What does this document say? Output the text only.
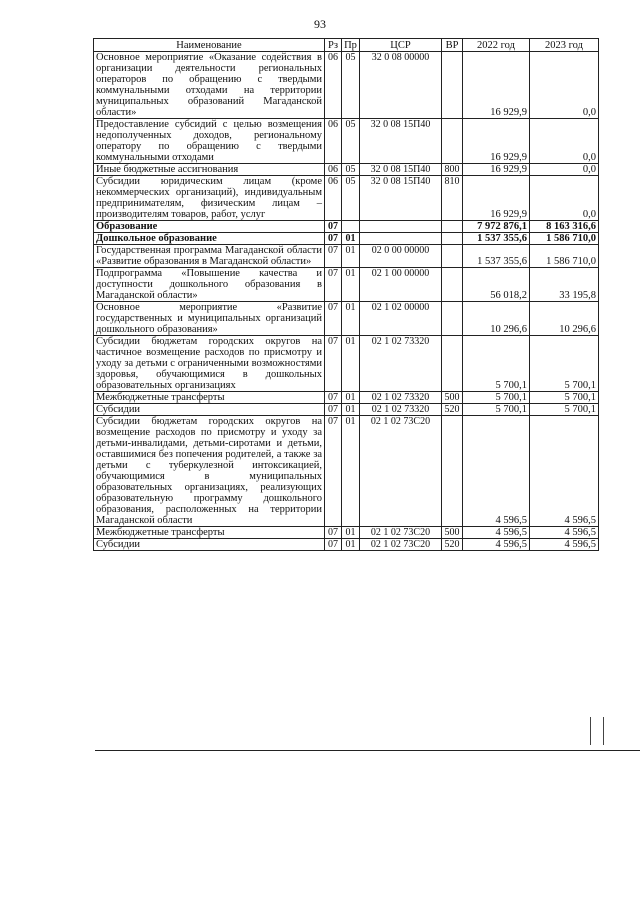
93
Наименование	Рз	Пр	ЦСР	ВР	2022 год	2023 год
Основное мероприятие «Оказание содействия в организации деятельности региональных операторов по обращению с твердыми коммунальными отходами на территории муниципальных образований Магаданской области»	06	05	32 0 08 00000		16 929,9	0,0
Предоставление субсидий с целью возмещения недополученных доходов, региональному оператору по обращению с твердыми коммунальными отходами	06	05	32 0 08 15П40		16 929,9	0,0
Иные бюджетные ассигнования	06	05	32 0 08 15П40	800	16 929,9	0,0
Субсидии юридическим лицам (кроме некоммерческих организаций), индивидуальным предпринимателям, физическим лицам – производителям товаров, работ, услуг	06	05	32 0 08 15П40	810	16 929,9	0,0
Образование	07				7 972 876,1	8 163 316,6
Дошкольное образование	07	01			1 537 355,6	1 586 710,0
Государственная программа Магаданской области «Развитие образования в Магаданской области»	07	01	02 0 00 00000		1 537 355,6	1 586 710,0
Подпрограмма «Повышение качества и доступности дошкольного образования в Магаданской области»	07	01	02 1 00 00000		56 018,2	33 195,8
Основное мероприятие «Развитие государственных и муниципальных организаций дошкольного образования»	07	01	02 1 02 00000		10 296,6	10 296,6
Субсидии бюджетам городских округов на частичное возмещение расходов по присмотру и уходу за детьми с ограниченными возможностями здоровья, обучающимися в дошкольных образовательных организациях	07	01	02 1 02 73320		5 700,1	5 700,1
Межбюджетные трансферты	07	01	02 1 02 73320	500	5 700,1	5 700,1
Субсидии	07	01	02 1 02 73320	520	5 700,1	5 700,1
Субсидии бюджетам городских округов на возмещение расходов по присмотру и уходу за детьми-инвалидами, детьми-сиротами и детьми, оставшимися без попечения родителей, а также за детьми с туберкулезной интоксикацией, обучающимися в муниципальных образовательных организациях, реализующих образовательную программу дошкольного образования, расположенных на территории Магаданской области	07	01	02 1 02 73С20		4 596,5	4 596,5
Межбюджетные трансферты	07	01	02 1 02 73С20	500	4 596,5	4 596,5
Субсидии	07	01	02 1 02 73С20	520	4 596,5	4 596,5
